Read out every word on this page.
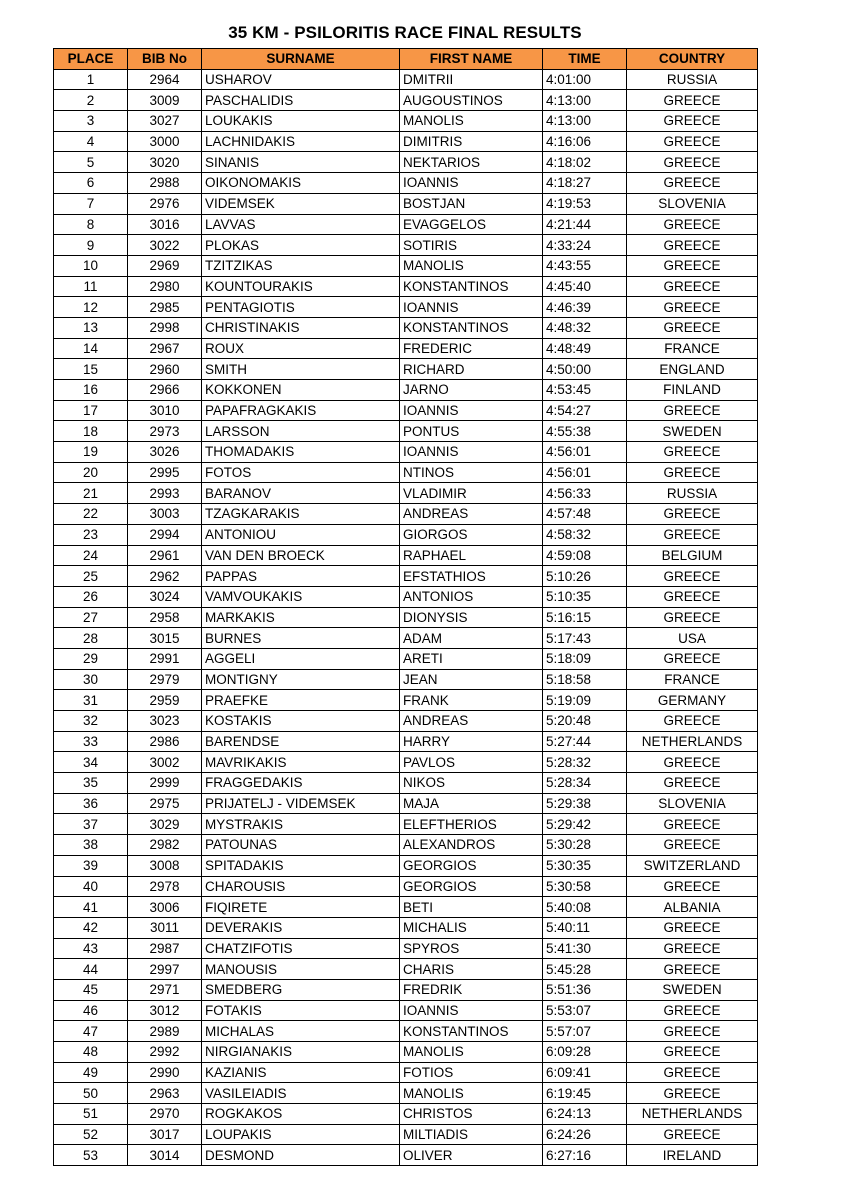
35 KM - PSILORITIS RACE FINAL RESULTS
PLACE	BIB No	SURNAME	FIRST NAME	TIME	COUNTRY
1	2964	USHAROV	DMITRII	4:01:00	RUSSIA
2	3009	PASCHALIDIS	AUGOUSTINOS	4:13:00	GREECE
3	3027	LOUKAKIS	MANOLIS	4:13:00	GREECE
4	3000	LACHNIDAKIS	DIMITRIS	4:16:06	GREECE
5	3020	SINANIS	NEKTARIOS	4:18:02	GREECE
6	2988	OIKONOMAKIS	IOANNIS	4:18:27	GREECE
7	2976	VIDEMSEK	BOSTJAN	4:19:53	SLOVENIA
8	3016	LAVVAS	EVAGGELOS	4:21:44	GREECE
9	3022	PLOKAS	SOTIRIS	4:33:24	GREECE
10	2969	TZITZIKAS	MANOLIS	4:43:55	GREECE
11	2980	KOUNTOURAKIS	KONSTANTINOS	4:45:40	GREECE
12	2985	PENTAGIOTIS	IOANNIS	4:46:39	GREECE
13	2998	CHRISTINAKIS	KONSTANTINOS	4:48:32	GREECE
14	2967	ROUX	FREDERIC	4:48:49	FRANCE
15	2960	SMITH	RICHARD	4:50:00	ENGLAND
16	2966	KOKKONEN	JARNO	4:53:45	FINLAND
17	3010	PAPAFRAGKAKIS	IOANNIS	4:54:27	GREECE
18	2973	LARSSON	PONTUS	4:55:38	SWEDEN
19	3026	THOMADAKIS	IOANNIS	4:56:01	GREECE
20	2995	FOTOS	NTINOS	4:56:01	GREECE
21	2993	BARANOV	VLADIMIR	4:56:33	RUSSIA
22	3003	TZAGKARAKIS	ANDREAS	4:57:48	GREECE
23	2994	ANTONIOU	GIORGOS	4:58:32	GREECE
24	2961	VAN DEN BROECK	RAPHAEL	4:59:08	BELGIUM
25	2962	PAPPAS	EFSTATHIOS	5:10:26	GREECE
26	3024	VAMVOUKAKIS	ANTONIOS	5:10:35	GREECE
27	2958	MARKAKIS	DIONYSIS	5:16:15	GREECE
28	3015	BURNES	ADAM	5:17:43	USA
29	2991	AGGELI	ARETI	5:18:09	GREECE
30	2979	MONTIGNY	JEAN	5:18:58	FRANCE
31	2959	PRAEFKE	FRANK	5:19:09	GERMANY
32	3023	KOSTAKIS	ANDREAS	5:20:48	GREECE
33	2986	BARENDSE	HARRY	5:27:44	NETHERLANDS
34	3002	MAVRIKAKIS	PAVLOS	5:28:32	GREECE
35	2999	FRAGGEDAKIS	NIKOS	5:28:34	GREECE
36	2975	PRIJATELJ - VIDEMSEK	MAJA	5:29:38	SLOVENIA
37	3029	MYSTRAKIS	ELEFTHERIOS	5:29:42	GREECE
38	2982	PATOUNAS	ALEXANDROS	5:30:28	GREECE
39	3008	SPITADAKIS	GEORGIOS	5:30:35	SWITZERLAND
40	2978	CHAROUSIS	GEORGIOS	5:30:58	GREECE
41	3006	FIQIRETE	BETI	5:40:08	ALBANIA
42	3011	DEVERAKIS	MICHALIS	5:40:11	GREECE
43	2987	CHATZIFOTIS	SPYROS	5:41:30	GREECE
44	2997	MANOUSIS	CHARIS	5:45:28	GREECE
45	2971	SMEDBERG	FREDRIK	5:51:36	SWEDEN
46	3012	FOTAKIS	IOANNIS	5:53:07	GREECE
47	2989	MICHALAS	KONSTANTINOS	5:57:07	GREECE
48	2992	NIRGIANAKIS	MANOLIS	6:09:28	GREECE
49	2990	KAZIANIS	FOTIOS	6:09:41	GREECE
50	2963	VASILEIADIS	MANOLIS	6:19:45	GREECE
51	2970	ROGKAKOS	CHRISTOS	6:24:13	NETHERLANDS
52	3017	LOUPAKIS	MILTIADIS	6:24:26	GREECE
53	3014	DESMOND	OLIVER	6:27:16	IRELAND
